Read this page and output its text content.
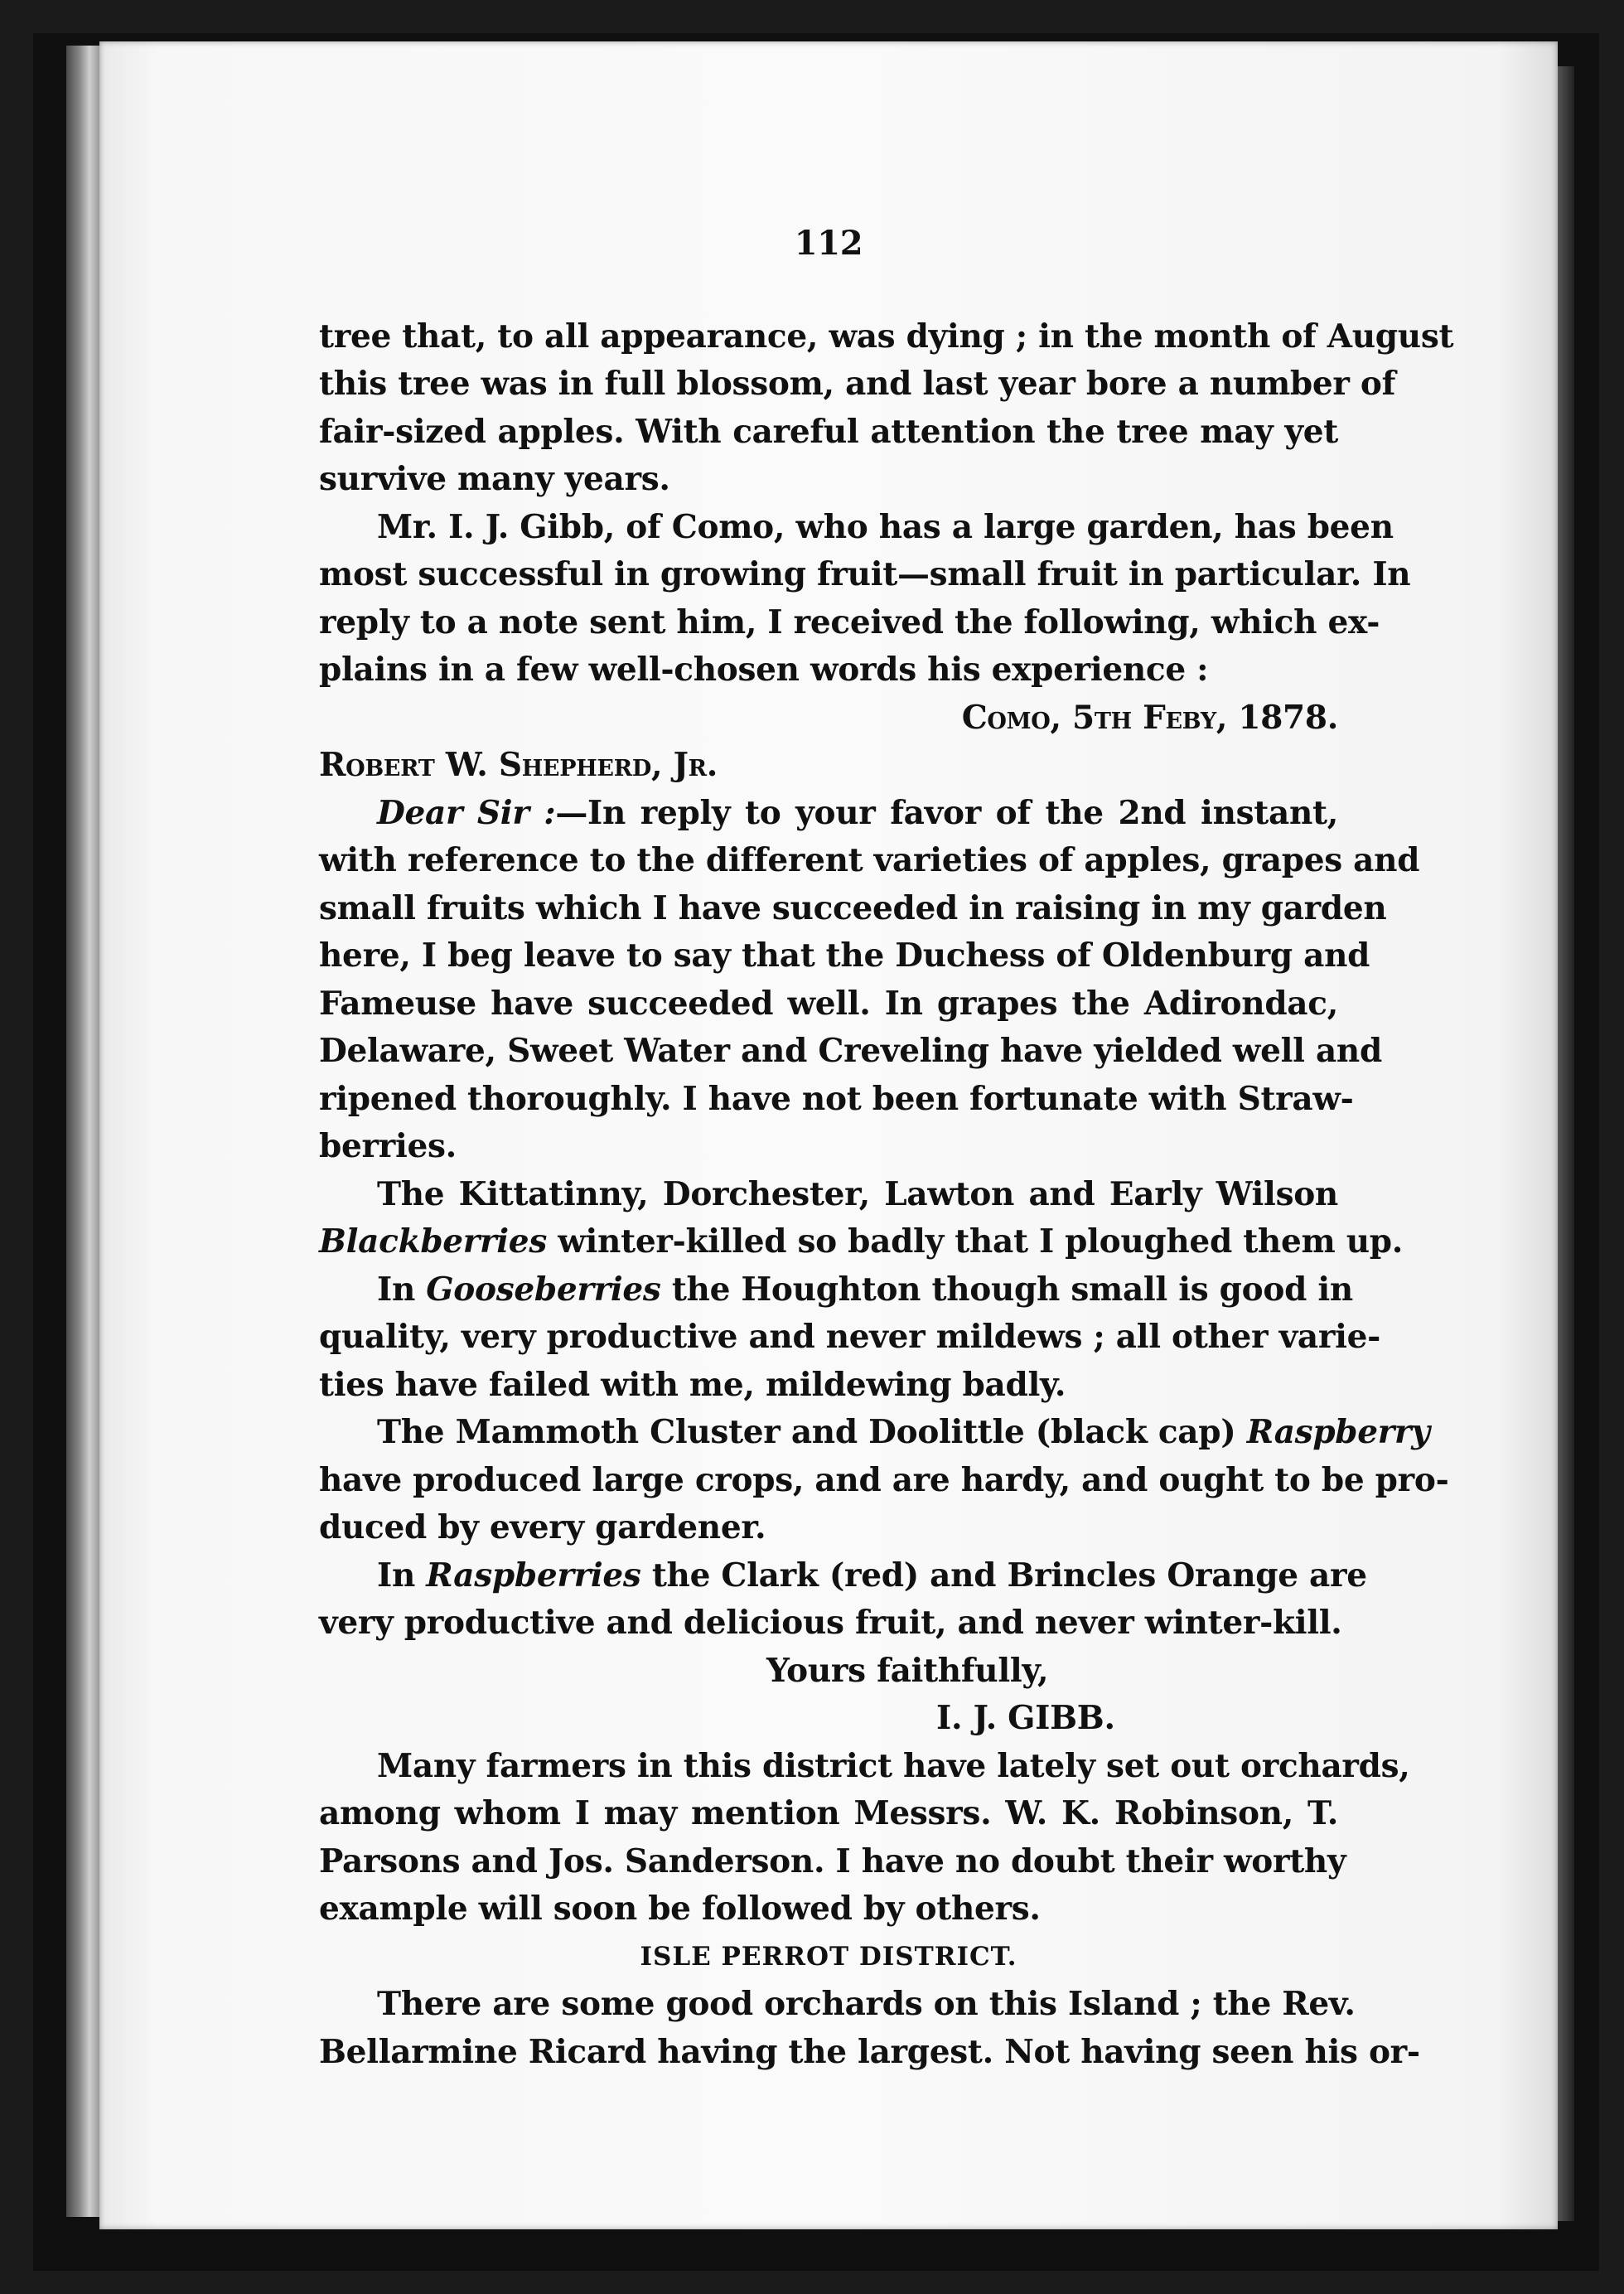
112
tree that, to all appearance, was dying ; in the month of August
this tree was in full blossom, and last year bore a number of
fair-sized apples. With careful attention the tree may yet
survive many years.
Mr. I. J. Gibb, of Como, who has a large garden, has been
most successful in growing fruit—small fruit in particular. In
reply to a note sent him, I received the following, which ex-
plains in a few well-chosen words his experience :
Como, 5th Feby, 1878.
Robert W. Shepherd, Jr.
Dear Sir :—In reply to your favor of the 2nd instant,
with reference to the different varieties of apples, grapes and
small fruits which I have succeeded in raising in my garden
here, I beg leave to say that the Duchess of Oldenburg and
Fameuse have succeeded well. In grapes the Adirondac,
Delaware, Sweet Water and Creveling have yielded well and
ripened thoroughly. I have not been fortunate with Straw-
berries.
The Kittatinny, Dorchester, Lawton and Early Wilson
Blackberries winter-killed so badly that I ploughed them up.
In Gooseberries the Houghton though small is good in
quality, very productive and never mildews ; all other varie-
ties have failed with me, mildewing badly.
The Mammoth Cluster and Doolittle (black cap) Raspberry
have produced large crops, and are hardy, and ought to be pro-
duced by every gardener.
In Raspberries the Clark (red) and Brincles Orange are
very productive and delicious fruit, and never winter-kill.
Yours faithfully,
I. J. GIBB.
Many farmers in this district have lately set out orchards,
among whom I may mention Messrs. W. K. Robinson, T.
Parsons and Jos. Sanderson. I have no doubt their worthy
example will soon be followed by others.
ISLE PERROT DISTRICT.
There are some good orchards on this Island ; the Rev.
Bellarmine Ricard having the largest. Not having seen his or-
